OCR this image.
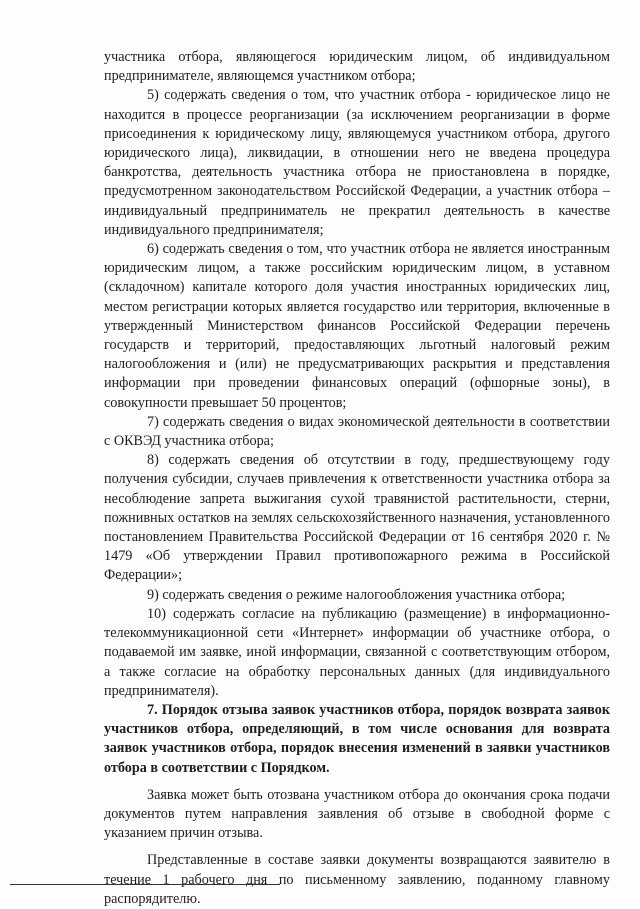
участника отбора, являющегося юридическим лицом, об индивидуальном предпринимателе, являющемся участником отбора;

5) содержать сведения о том, что участник отбора - юридическое лицо не находится в процессе реорганизации (за исключением реорганизации в форме присоединения к юридическому лицу, являющемуся участником отбора, другого юридического лица), ликвидации, в отношении него не введена процедура банкротства, деятельность участника отбора не приостановлена в порядке, предусмотренном законодательством Российской Федерации, а участник отбора – индивидуальный предприниматель не прекратил деятельность в качестве индивидуального предпринимателя;

6) содержать сведения о том, что участник отбора не является иностранным юридическим лицом, а также российским юридическим лицом, в уставном (складочном) капитале которого доля участия иностранных юридических лиц, местом регистрации которых является государство или территория, включенные в утвержденный Министерством финансов Российской Федерации перечень государств и территорий, предоставляющих льготный налоговый режим налогообложения и (или) не предусматривающих раскрытия и представления информации при проведении финансовых операций (офшорные зоны), в совокупности превышает 50 процентов;

7) содержать сведения о видах экономической деятельности в соответствии с ОКВЭД участника отбора;

8) содержать сведения об отсутствии в году, предшествующему году получения субсидии, случаев привлечения к ответственности участника отбора за несоблюдение запрета выжигания сухой травянистой растительности, стерни, пожнивных остатков на землях сельскохозяйственного назначения, установленного постановлением Правительства Российской Федерации от 16 сентября 2020 г. № 1479 «Об утверждении Правил противопожарного режима в Российской Федерации»;

9) содержать сведения о режиме налогообложения участника отбора;

10) содержать согласие на публикацию (размещение) в информационно-телекоммуникационной сети «Интернет» информации об участнике отбора, о подаваемой им заявке, иной информации, связанной с соответствующим отбором, а также согласие на обработку персональных данных (для индивидуального предпринимателя).

7. Порядок отзыва заявок участников отбора, порядок возврата заявок участников отбора, определяющий, в том числе основания для возврата заявок участников отбора, порядок внесения изменений в заявки участников отбора в соответствии с Порядком.

Заявка может быть отозвана участником отбора до окончания срока подачи документов путем направления заявления об отзыве в свободной форме с указанием причин отзыва.

Представленные в составе заявки документы возвращаются заявителю в течение 1 рабочего дня по письменному заявлению, поданному главному распорядителю.
